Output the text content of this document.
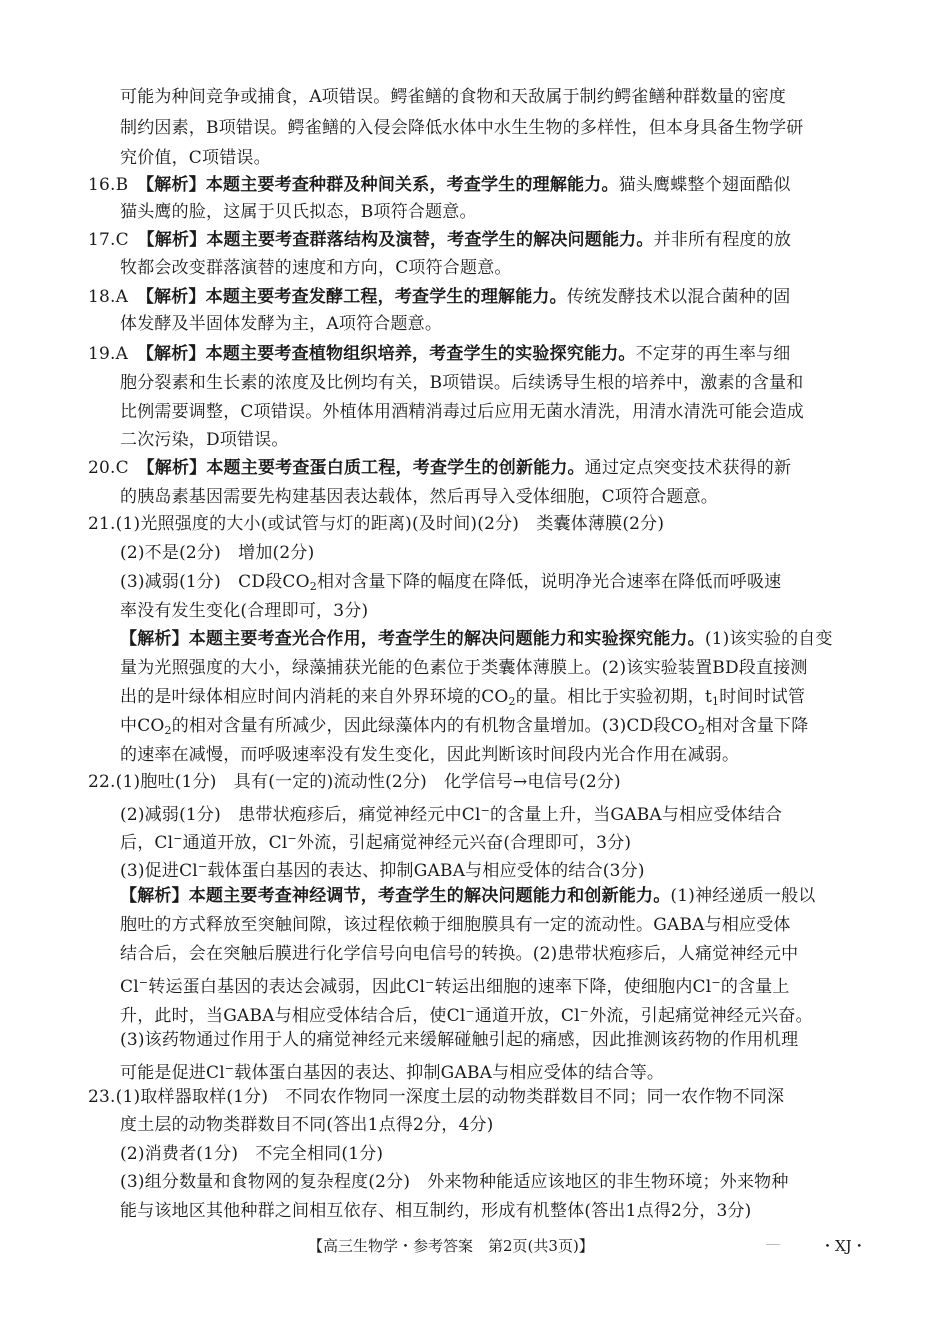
可能为种间竞争或捕食，A项错误。鳄雀鳝的食物和天敌属于制约鳄雀鳝种群数量的密度
制约因素，B项错误。鳄雀鳝的入侵会降低水体中水生生物的多样性，但本身具备生物学研
究价值，C项错误。
16.B　 【解析】本题主要考查种群及种间关系，考查学生的理解能力。猫头鹰蝶整个翅面酷似
猫头鹰的脸，这属于贝氏拟态，B项符合题意。
17.C　 【解析】本题主要考查群落结构及演替，考查学生的解决问题能力。并非所有程度的放
牧都会改变群落演替的速度和方向，C项符合题意。
18.A　 【解析】本题主要考查发酵工程，考查学生的理解能力。传统发酵技术以混合菌种的固
体发酵及半固体发酵为主，A项符合题意。
19.A　 【解析】本题主要考查植物组织培养，考查学生的实验探究能力。不定芽的再生率与细
胞分裂素和生长素的浓度及比例均有关，B项错误。后续诱导生根的培养中，激素的含量和
比例需要调整，C项错误。外植体用酒精消毒过后应用无菌水清洗，用清水清洗可能会造成
二次污染，D项错误。
20.C　 【解析】本题主要考查蛋白质工程，考查学生的创新能力。通过定点突变技术获得的新
的胰岛素基因需要先构建基因表达载体，然后再导入受体细胞，C项符合题意。
21.(1)光照强度的大小(或试管与灯的距离)(及时间)(2分)　类囊体薄膜(2分)
(2)不是(2分)　增加(2分)
(3)减弱(1分)　CD段$CO_2$相对含量下降的幅度在降低，说明净光合速率在降低而呼吸速
率没有发生变化(合理即可，3分)
【解析】本题主要考查光合作用，考查学生的解决问题能力和实验探究能力。(1)该实验的自变
量为光照强度的大小，绿藻捕获光能的色素位于类囊体薄膜上。(2)该实验装置BD段直接测
出的是叶绿体相应时间内消耗的来自外界环境的$CO_2$的量。相比于实验初期，$t_1$时间时试管
中$CO_2$的相对含量有所减少，因此绿藻体内的有机物含量增加。(3)CD段$CO_2$相对含量下降
的速率在减慢，而呼吸速率没有发生变化，因此判断该时间段内光合作用在减弱。
22.(1)胞吐(1分)　具有(一定的)流动性(2分)　化学信号→电信号(2分)
(2)减弱(1分)　患带状疱疹后，痛觉神经元中Cl−的含量上升，当GABA与相应受体结合
后，Cl−通道开放，Cl−外流，引起痛觉神经元兴奋(合理即可，3分)
(3)促进Cl−载体蛋白基因的表达、抑制GABA与相应受体的结合(3分)
【解析】本题主要考查神经调节，考查学生的解决问题能力和创新能力。(1)神经递质一般以
胞吐的方式释放至突触间隙，该过程依赖于细胞膜具有一定的流动性。GABA与相应受体
结合后，会在突触后膜进行化学信号向电信号的转换。(2)患带状疱疹后，人痛觉神经元中
Cl−转运蛋白基因的表达会减弱，因此Cl−转运出细胞的速率下降，使细胞内Cl−的含量上
升，此时，当GABA与相应受体结合后，使Cl−通道开放，Cl−外流，引起痛觉神经元兴奋。
(3)该药物通过作用于人的痛觉神经元来缓解碰触引起的痛感，因此推测该药物的作用机理
可能是促进Cl−载体蛋白基因的表达、抑制GABA与相应受体的结合等。
23.(1)取样器取样(1分)　不同农作物同一深度土层的动物类群数目不同；同一农作物不同深
度土层的动物类群数目不同(答出1点得2分，4分)
(2)消费者(1分)　不完全相同(1分)
(3)组分数量和食物网的复杂程度(2分)　外来物种能适应该地区的非生物环境；外来物种
能与该地区其他种群之间相互依存、相互制约，形成有机整体(答出1点得2分，3分)
【高三生物学・参考答案　第2页(共3页)】	・XJ・
